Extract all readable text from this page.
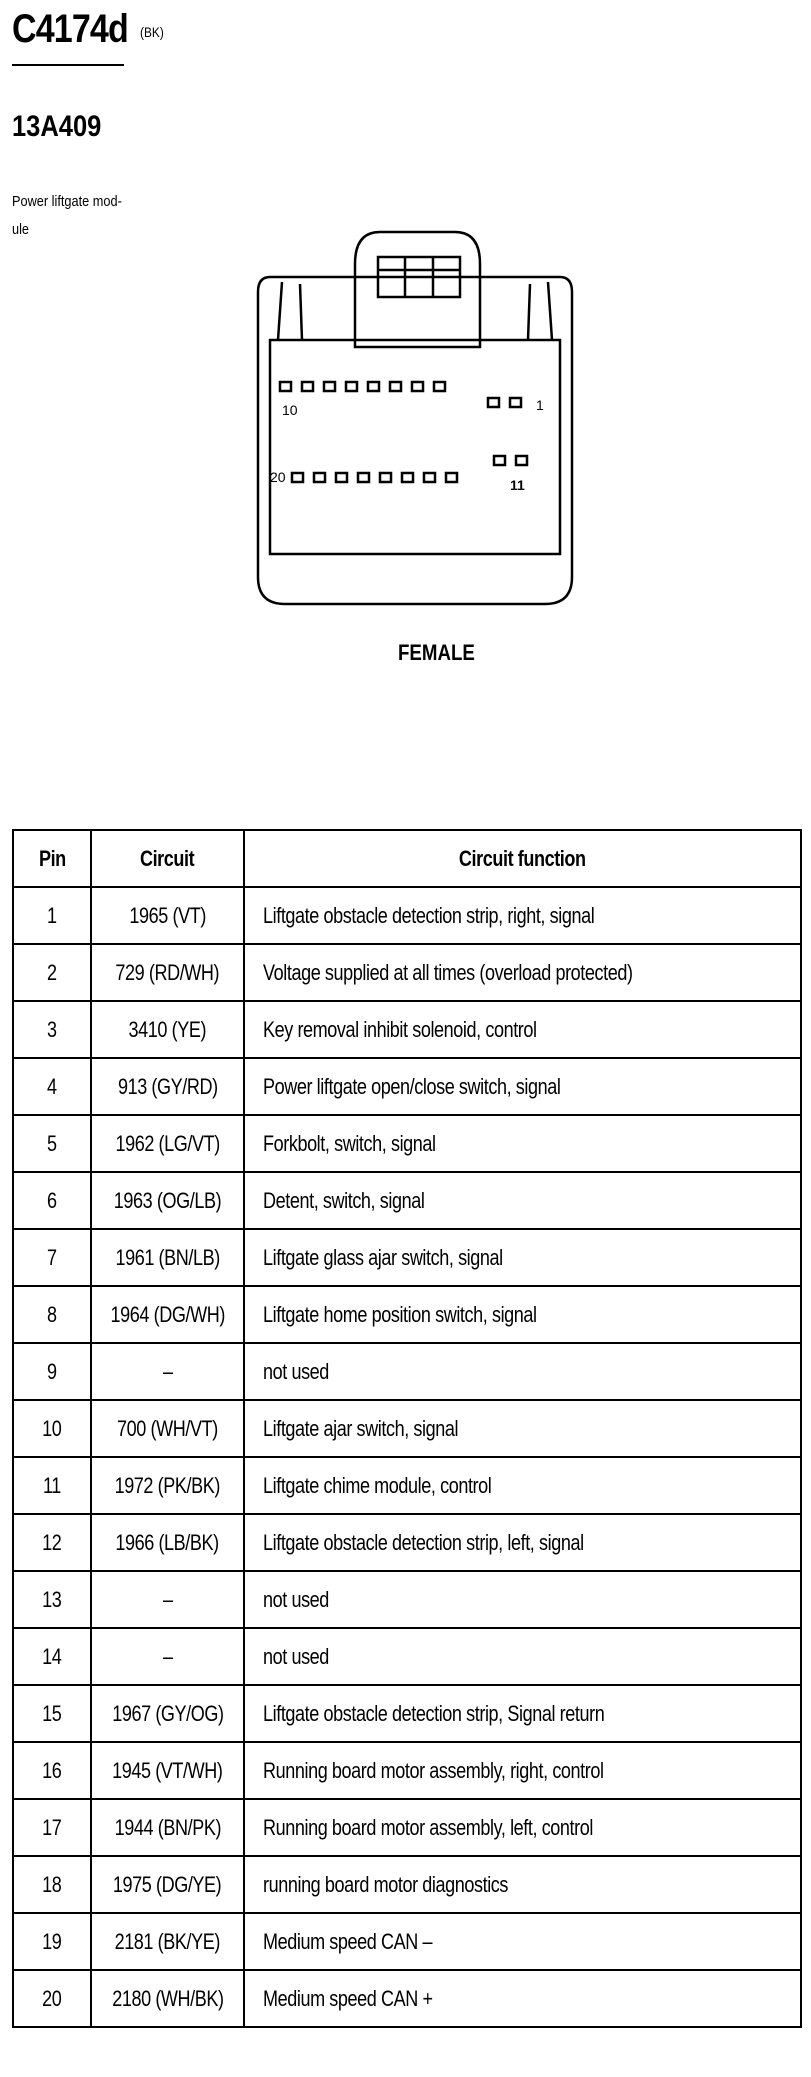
C4174d (BK)
13A409
Power liftgate mod-
ule
10	1
20	11
FEMALE
Pin	Circuit	Circuit function
1	1965 (VT)	Liftgate obstacle detection strip, right, signal
2	729 (RD/WH)	Voltage supplied at all times (overload protected)
3	3410 (YE)	Key removal inhibit solenoid, control
4	913 (GY/RD)	Power liftgate open/close switch, signal
5	1962 (LG/VT)	Forkbolt, switch, signal
6	1963 (OG/LB)	Detent, switch, signal
7	1961 (BN/LB)	Liftgate glass ajar switch, signal
8	1964 (DG/WH)	Liftgate home position switch, signal
9	–	not used
10	700 (WH/VT)	Liftgate ajar switch, signal
11	1972 (PK/BK)	Liftgate chime module, control
12	1966 (LB/BK)	Liftgate obstacle detection strip, left, signal
13	–	not used
14	–	not used
15	1967 (GY/OG)	Liftgate obstacle detection strip, Signal return
16	1945 (VT/WH)	Running board motor assembly, right, control
17	1944 (BN/PK)	Running board motor assembly, left, control
18	1975 (DG/YE)	running board motor diagnostics
19	2181 (BK/YE)	Medium speed CAN –
20	2180 (WH/BK)	Medium speed CAN +
